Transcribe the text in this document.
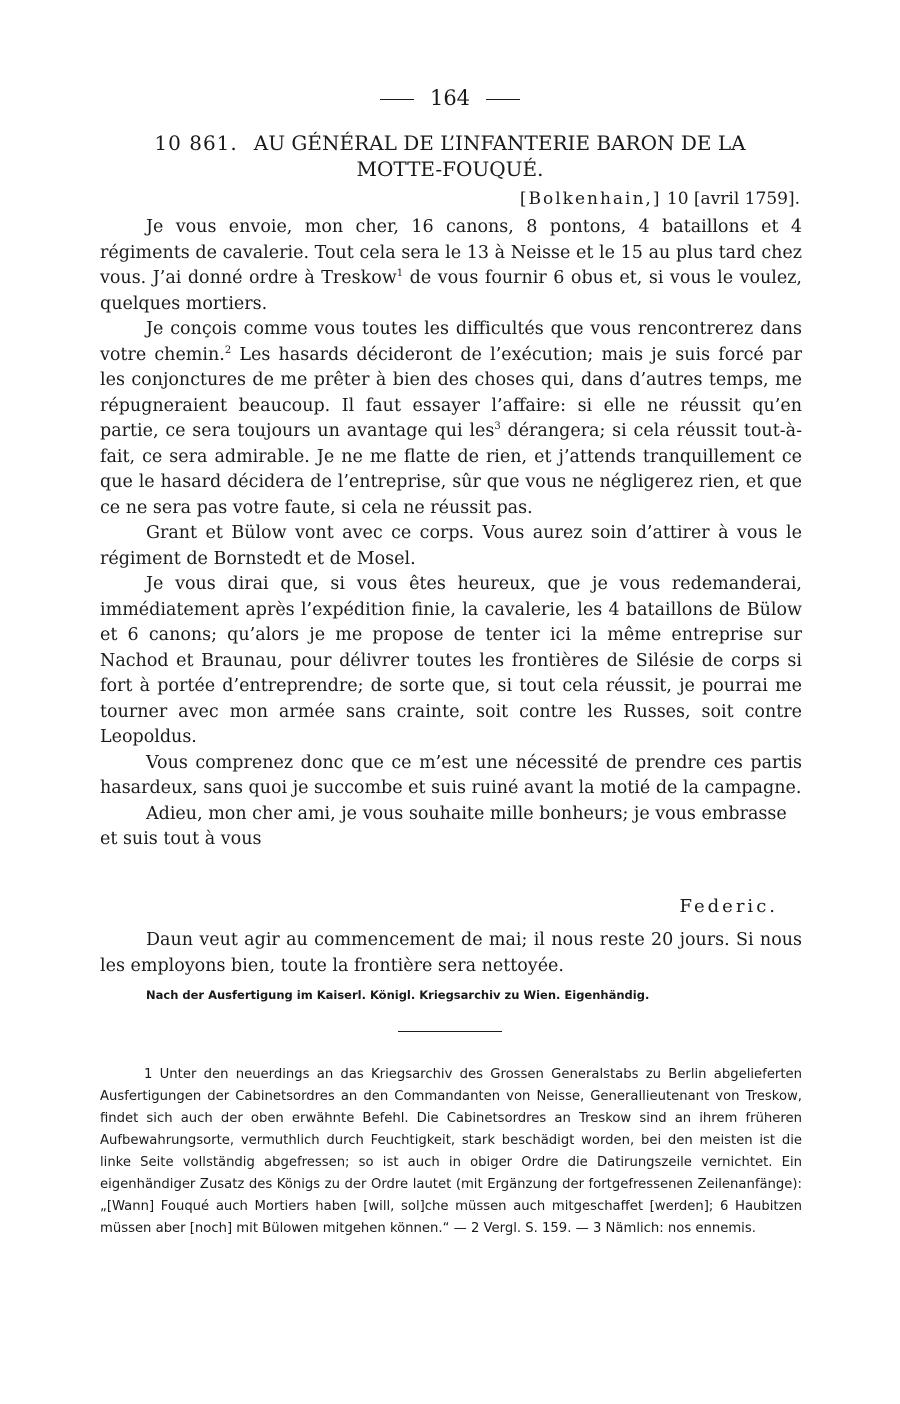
164
10 861. AU GÉNÉRAL DE L’INFANTERIE BARON DE LA
MOTTE-FOUQUÉ.
[Bolkenhain,] 10 [avril 1759].

Je vous envoie, mon cher, 16 canons, 8 pontons, 4 bataillons et 4 régiments de cavalerie. Tout cela sera le 13 à Neisse et le 15 au plus tard chez vous. J’ai donné ordre à Treskow$^1$ de vous fournir 6 obus et, si vous le voulez, quelques mortiers.

Je conçois comme vous toutes les difficultés que vous rencontrerez dans votre chemin.$^2$ Les hasards décideront de l’exécution; mais je suis forcé par les conjonctures de me prêter à bien des choses qui, dans d’autres temps, me répugneraient beaucoup. Il faut essayer l’affaire: si elle ne réussit qu’en partie, ce sera toujours un avantage qui les$^3$ dérangera; si cela réussit tout-à-fait, ce sera admirable. Je ne me flatte de rien, et j’attends tranquillement ce que le hasard décidera de l’entreprise, sûr que vous ne négligerez rien, et que ce ne sera pas votre faute, si cela ne réussit pas.

Grant et Bülow vont avec ce corps. Vous aurez soin d’attirer à vous le régiment de Bornstedt et de Mosel.

Je vous dirai que, si vous êtes heureux, que je vous redemanderai, immédiatement après l’expédition finie, la cavalerie, les 4 bataillons de Bülow et 6 canons; qu’alors je me propose de tenter ici la même entreprise sur Nachod et Braunau, pour délivrer toutes les frontières de Silésie de corps si fort à portée d’entreprendre; de sorte que, si tout cela réussit, je pourrai me tourner avec mon armée sans crainte, soit contre les Russes, soit contre Leopoldus.

Vous comprenez donc que ce m’est une nécessité de prendre ces partis hasardeux, sans quoi je succombe et suis ruiné avant la motié de la campagne.

Adieu, mon cher ami, je vous souhaite mille bonheurs; je vous embrasse et suis tout à vous

Federic.

Daun veut agir au commencement de mai; il nous reste 20 jours. Si nous les employons bien, toute la frontière sera nettoyée.

Nach der Ausfertigung im Kaiserl. Königl. Kriegsarchiv zu Wien. Eigenhändig.

1 Unter den neuerdings an das Kriegsarchiv des Grossen Generalstabs zu Berlin abgelieferten Ausfertigungen der Cabinetsordres an den Commandanten von Neisse, Generallieutenant von Treskow, findet sich auch der oben erwähnte Befehl. Die Cabinetsordres an Treskow sind an ihrem früheren Aufbewahrungsorte, vermuthlich durch Feuchtigkeit, stark beschädigt worden, bei den meisten ist die linke Seite vollständig abgefressen; so ist auch in obiger Ordre die Datirungszeile vernichtet. Ein eigenhändiger Zusatz des Königs zu der Ordre lautet (mit Ergänzung der fortgefressenen Zeilenanfänge): „[Wann] Fouqué auch Mortiers haben [will, sol]che müssen auch mitgeschaffet [werden]; 6 Haubitzen müssen aber [noch] mit Bülowen mitgehen können.“ — 2 Vergl. S. 159. — 3 Nämlich: nos ennemis.
